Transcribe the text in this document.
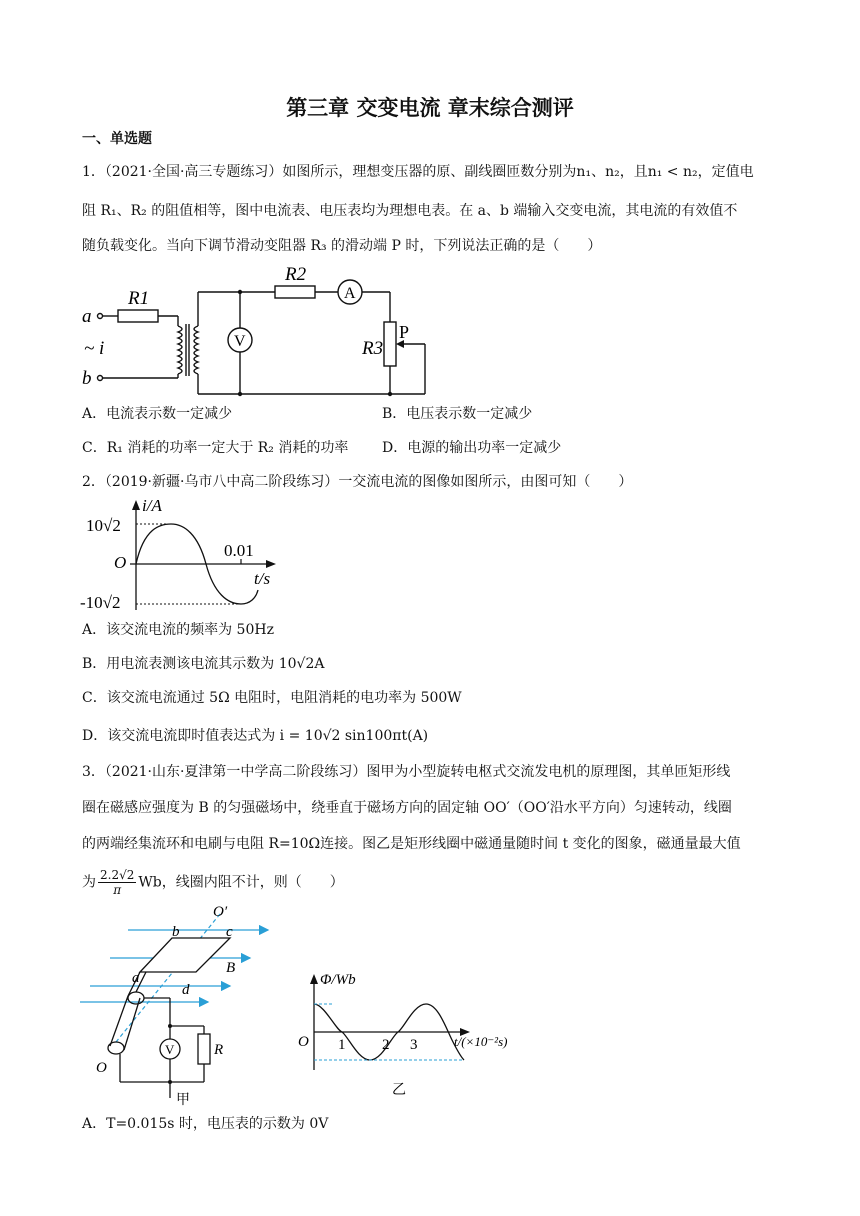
第三章 交变电流 章末综合测评
一、单选题
1．（2021·全国·高三专题练习）如图所示，理想变压器的原、副线圈匝数分别为n₁、n₂，且n₁ < n₂，定值电
阻 R₁、R₂ 的阻值相等，图中电流表、电压表均为理想电表。在 a、b 端输入交变电流，其电流的有效值不
随负载变化。当向下调节滑动变阻器 R₃ 的滑动端 P 时，下列说法正确的是（　　）
a
b
~ i
R1
R2
R3
P
V
A
A．电流表示数一定减少	B．电压表示数一定减少
C．R₁ 消耗的功率一定大于 R₂ 消耗的功率 D．电源的输出功率一定减少
2．（2019·新疆·乌市八中高二阶段练习）一交流电流的图像如图所示，由图可知（　　）
i/A
10√2
O
0.01
t/s
-10√2
A．该交流电流的频率为 50Hz
B．用电流表测该电流其示数为 10√2A
C．该交流电流通过 5Ω 电阻时，电阻消耗的电功率为 500W
D．该交流电流即时值表达式为 i = 10√2 sin100πt(A)
3．（2021·山东·夏津第一中学高二阶段练习）图甲为小型旋转电枢式交流发电机的原理图，其单匝矩形线
圈在磁感应强度为 B 的匀强磁场中，绕垂直于磁场方向的固定轴 OO′（OO′沿水平方向）匀速转动，线圈
的两端经集流环和电刷与电阻 R=10Ω连接。图乙是矩形线圈中磁通量随时间 t 变化的图象，磁通量最大值
为 $\frac{2.2√2}{\pi}$ Wb，线圈内阻不计，则（　　）
O′
b	c
B
a
d
O
R
V
甲
Φ/Wb
O 1 2 3	t/(×10⁻²s)
乙
A．T=0.015s 时，电压表的示数为 0V
